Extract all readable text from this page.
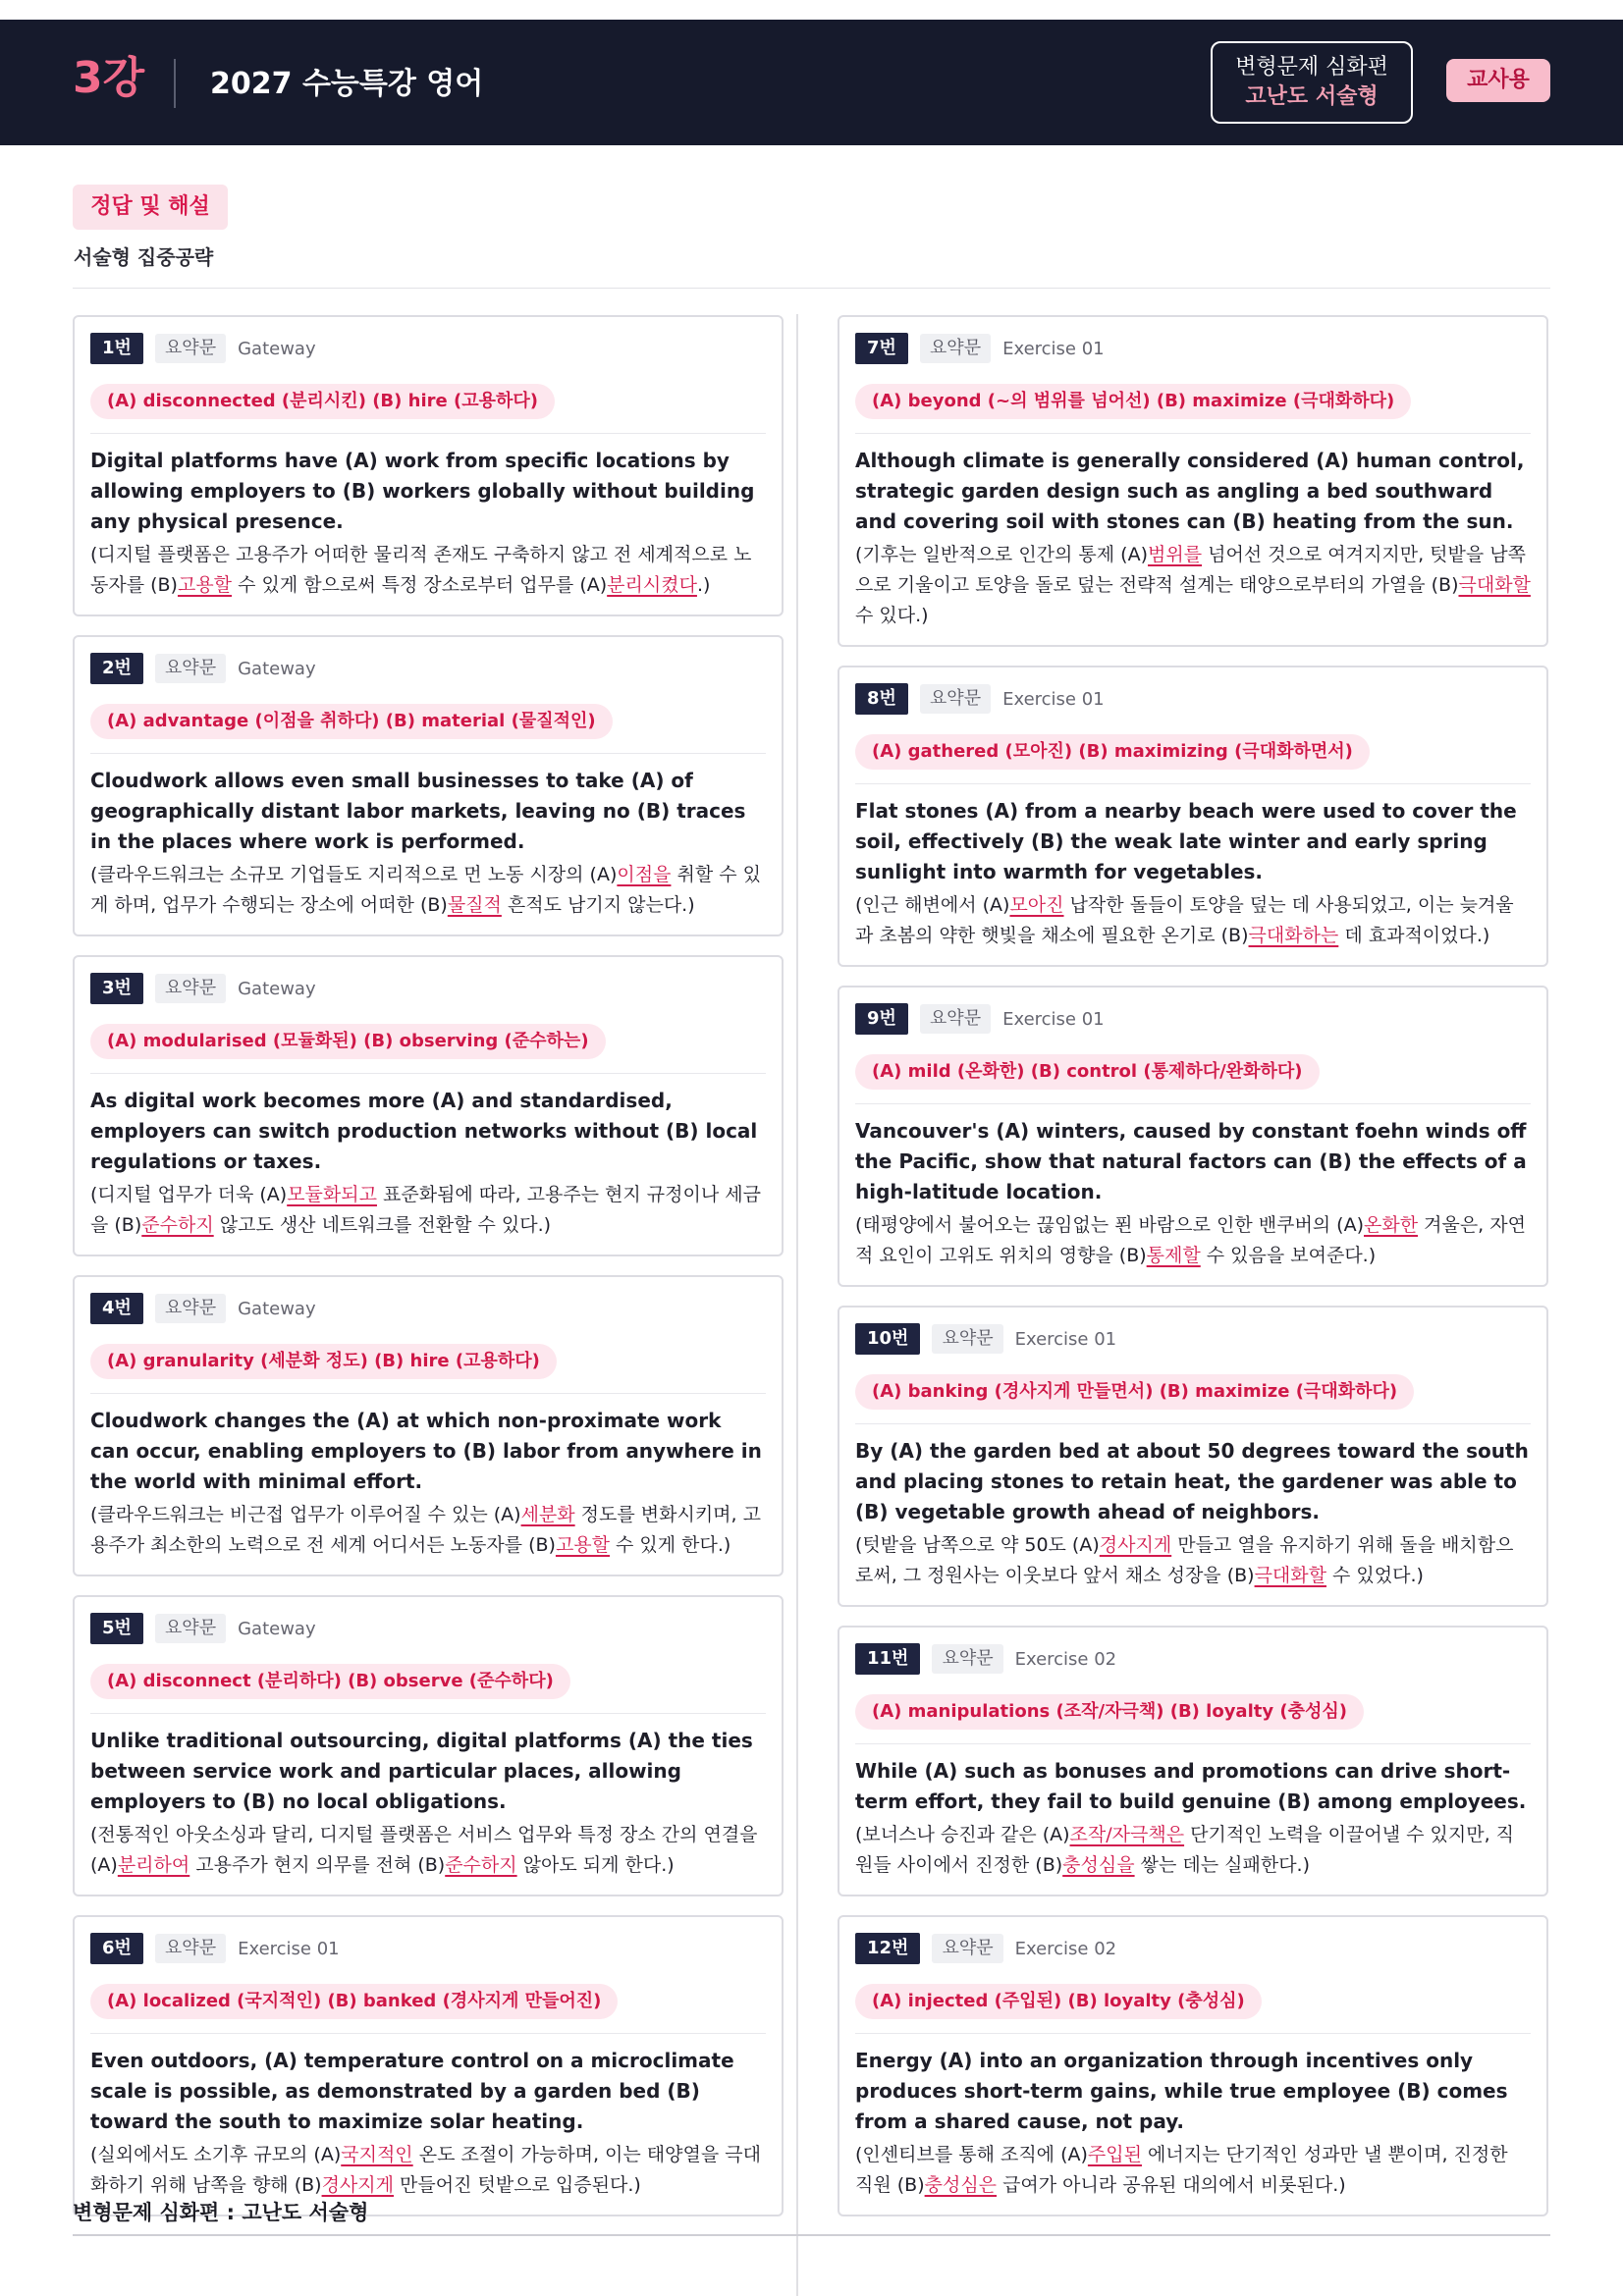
3강 2027 수능특강 영어	변형문제 심화편
고난도 서술형
교사용
정답 및 해설
서술형 집중공략
1번	요약문	Gateway
(A) disconnected (분리시킨) (B) hire (고용하다)
Digital platforms have (A) work from specific locations by allowing employers to (B) workers globally without building any physical presence.
(디지털 플랫폼은 고용주가 어떠한 물리적 존재도 구축하지 않고 전 세계적으로 노동자를 (B)고용할 수 있게 함으로써 특정 장소로부터 업무를 (A)분리시켰다.)
2번	요약문	Gateway
(A) advantage (이점을 취하다) (B) material (물질적인)
Cloudwork allows even small businesses to take (A) of geographically distant labor markets, leaving no (B) traces in the places where work is performed.
(클라우드워크는 소규모 기업들도 지리적으로 먼 노동 시장의 (A)이점을 취할 수 있게 하며, 업무가 수행되는 장소에 어떠한 (B)물질적 흔적도 남기지 않는다.)
3번	요약문	Gateway
(A) modularised (모듈화된) (B) observing (준수하는)
As digital work becomes more (A) and standardised, employers can switch production networks without (B) local regulations or taxes.
(디지털 업무가 더욱 (A)모듈화되고 표준화됨에 따라, 고용주는 현지 규정이나 세금을 (B)준수하지 않고도 생산 네트워크를 전환할 수 있다.)
4번	요약문	Gateway
(A) granularity (세분화 정도) (B) hire (고용하다)
Cloudwork changes the (A) at which non-proximate work can occur, enabling employers to (B) labor from anywhere in the world with minimal effort.
(클라우드워크는 비근접 업무가 이루어질 수 있는 (A)세분화 정도를 변화시키며, 고용주가 최소한의 노력으로 전 세계 어디서든 노동자를 (B)고용할 수 있게 한다.)
5번	요약문	Gateway
(A) disconnect (분리하다) (B) observe (준수하다)
Unlike traditional outsourcing, digital platforms (A) the ties between service work and particular places, allowing employers to (B) no local obligations.
(전통적인 아웃소싱과 달리, 디지털 플랫폼은 서비스 업무와 특정 장소 간의 연결을 (A)분리하여 고용주가 현지 의무를 전혀 (B)준수하지 않아도 되게 한다.)
6번	요약문	Exercise 01
(A) localized (국지적인) (B) banked (경사지게 만들어진)
Even outdoors, (A) temperature control on a microclimate scale is possible, as demonstrated by a garden bed (B) toward the south to maximize solar heating.
(실외에서도 소기후 규모의 (A)국지적인 온도 조절이 가능하며, 이는 태양열을 극대화하기 위해 남쪽을 향해 (B)경사지게 만들어진 텃밭으로 입증된다.)
7번	요약문	Exercise 01
(A) beyond (~의 범위를 넘어선) (B) maximize (극대화하다)
Although climate is generally considered (A) human control, strategic garden design such as angling a bed southward and covering soil with stones can (B) heating from the sun.
(기후는 일반적으로 인간의 통제 (A)범위를 넘어선 것으로 여겨지지만, 텃밭을 남쪽으로 기울이고 토양을 돌로 덮는 전략적 설계는 태양으로부터의 가열을 (B)극대화할 수 있다.)
8번	요약문	Exercise 01
(A) gathered (모아진) (B) maximizing (극대화하면서)
Flat stones (A) from a nearby beach were used to cover the soil, effectively (B) the weak late winter and early spring sunlight into warmth for vegetables.
(인근 해변에서 (A)모아진 납작한 돌들이 토양을 덮는 데 사용되었고, 이는 늦겨울과 초봄의 약한 햇빛을 채소에 필요한 온기로 (B)극대화하는 데 효과적이었다.)
9번	요약문	Exercise 01
(A) mild (온화한) (B) control (통제하다/완화하다)
Vancouver's (A) winters, caused by constant foehn winds off the Pacific, show that natural factors can (B) the effects of a high-latitude location.
(태평양에서 불어오는 끊임없는 푄 바람으로 인한 밴쿠버의 (A)온화한 겨울은, 자연적 요인이 고위도 위치의 영향을 (B)통제할 수 있음을 보여준다.)
10번	요약문	Exercise 01
(A) banking (경사지게 만들면서) (B) maximize (극대화하다)
By (A) the garden bed at about 50 degrees toward the south and placing stones to retain heat, the gardener was able to (B) vegetable growth ahead of neighbors.
(텃밭을 남쪽으로 약 50도 (A)경사지게 만들고 열을 유지하기 위해 돌을 배치함으로써, 그 정원사는 이웃보다 앞서 채소 성장을 (B)극대화할 수 있었다.)
11번	요약문	Exercise 02
(A) manipulations (조작/자극책) (B) loyalty (충성심)
While (A) such as bonuses and promotions can drive short-term effort, they fail to build genuine (B) among employees.
(보너스나 승진과 같은 (A)조작/자극책은 단기적인 노력을 이끌어낼 수 있지만, 직원들 사이에서 진정한 (B)충성심을 쌓는 데는 실패한다.)
12번	요약문	Exercise 02
(A) injected (주입된) (B) loyalty (충성심)
Energy (A) into an organization through incentives only produces short-term gains, while true employee (B) comes from a shared cause, not pay.
(인센티브를 통해 조직에 (A)주입된 에너지는 단기적인 성과만 낼 뿐이며, 진정한 직원 (B)충성심은 급여가 아니라 공유된 대의에서 비롯된다.)
변형문제 심화편 : 고난도 서술형
